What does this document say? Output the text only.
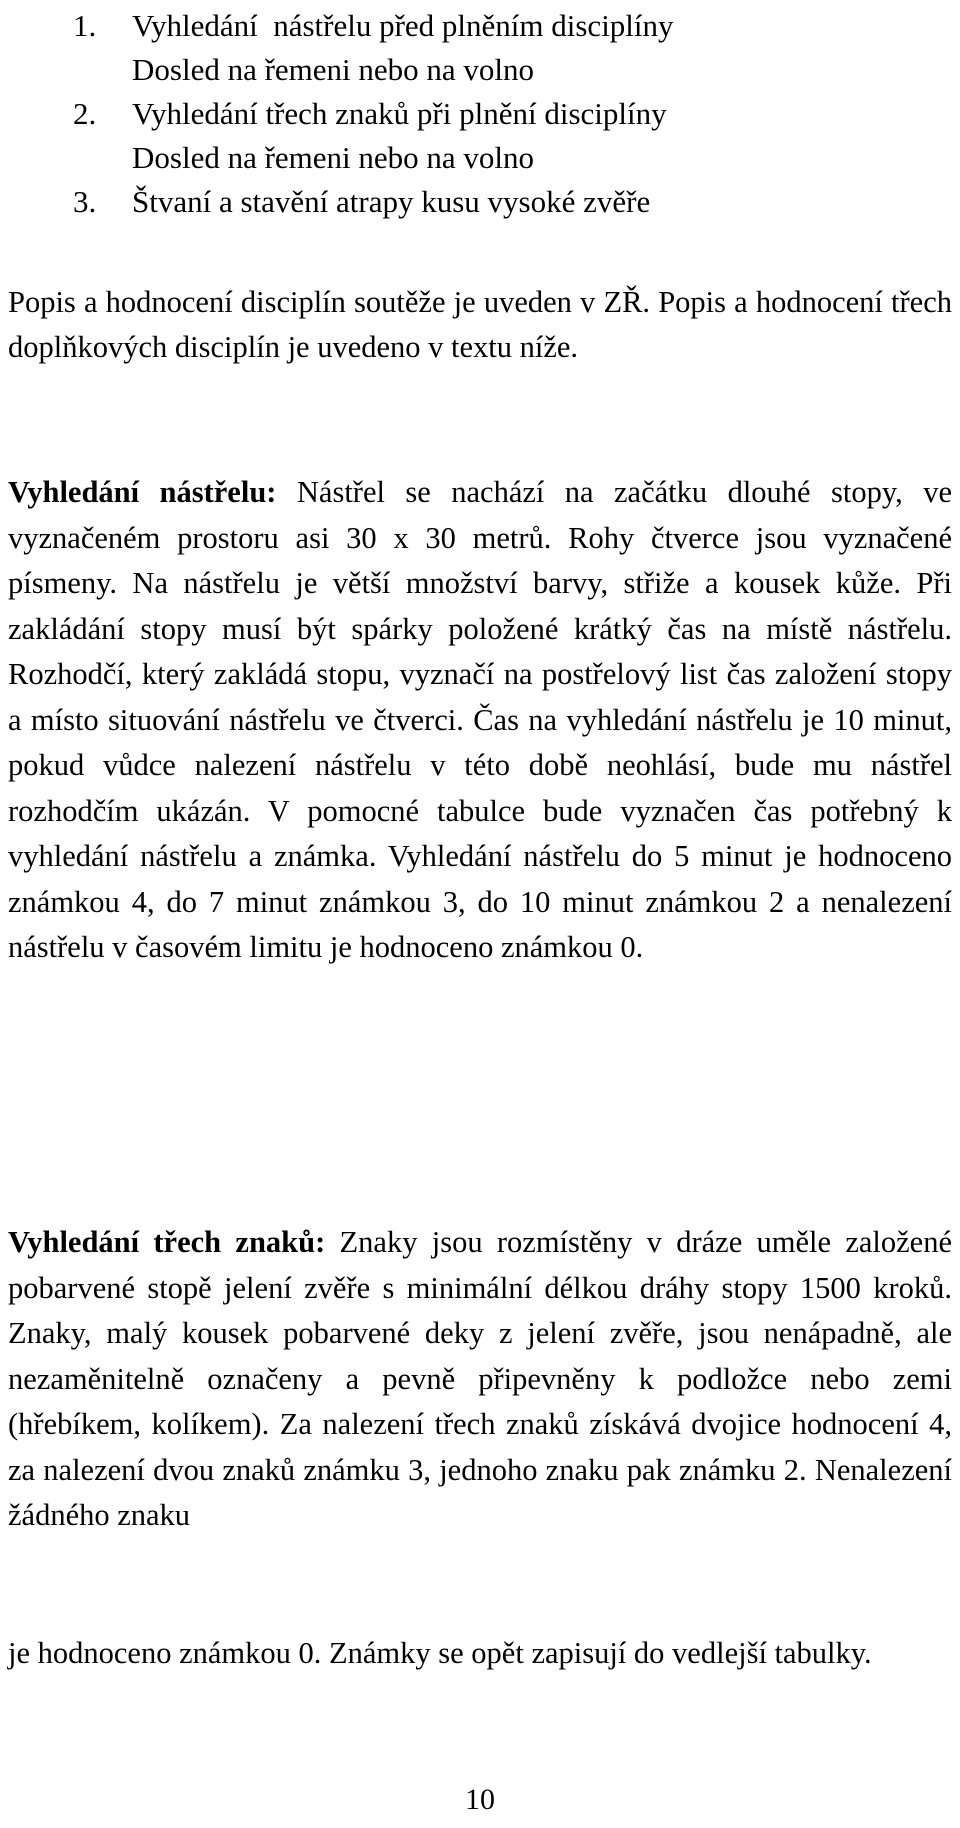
1.	Vyhledání  nástřelu před plněním disciplíny
Dosled na řemeni nebo na volno
2.	Vyhledání třech znaků při plnění disciplíny
Dosled na řemeni nebo na volno
3.	Štvaní a stavění atrapy kusu vysoké zvěře

Popis a hodnocení disciplín soutěže je uveden v ZŘ. Popis a hodnocení třech doplňkových disciplín je uvedeno v textu níže.

Vyhledání nástřelu: Nástřel se nachází na začátku dlouhé stopy, ve vyznačeném prostoru asi 30 x 30 metrů. Rohy čtverce jsou vyznačené písmeny. Na nástřelu je větší množství barvy, střiže a kousek kůže. Při zakládání stopy musí být spárky položené krátký čas na místě nástřelu. Rozhodčí, který zakládá stopu, vyznačí na postřelový list čas založení stopy a místo situování nástřelu ve čtverci. Čas na vyhledání nástřelu je 10 minut, pokud vůdce nalezení nástřelu v této době neohlásí, bude mu nástřel rozhodčím ukázán. V pomocné tabulce bude vyznačen čas potřebný k vyhledání nástřelu a známka. Vyhledání nástřelu do 5 minut je hodnoceno známkou 4, do 7 minut známkou 3, do 10 minut známkou 2 a nenalezení nástřelu v časovém limitu je hodnoceno známkou 0.

Vyhledání třech znaků: Znaky jsou rozmístěny v dráze uměle založené pobarvené stopě jelení zvěře s minimální délkou dráhy stopy 1500 kroků. Znaky, malý kousek pobarvené deky z jelení zvěře, jsou nenápadně, ale nezaměnitelně označeny a pevně připevněny k podložce nebo zemi (hřebíkem, kolíkem). Za nalezení třech znaků získává dvojice hodnocení 4, za nalezení dvou znaků známku 3, jednoho znaku pak známku 2. Nenalezení žádného znaku

je hodnoceno známkou 0. Známky se opět zapisují do vedlejší tabulky.

10
